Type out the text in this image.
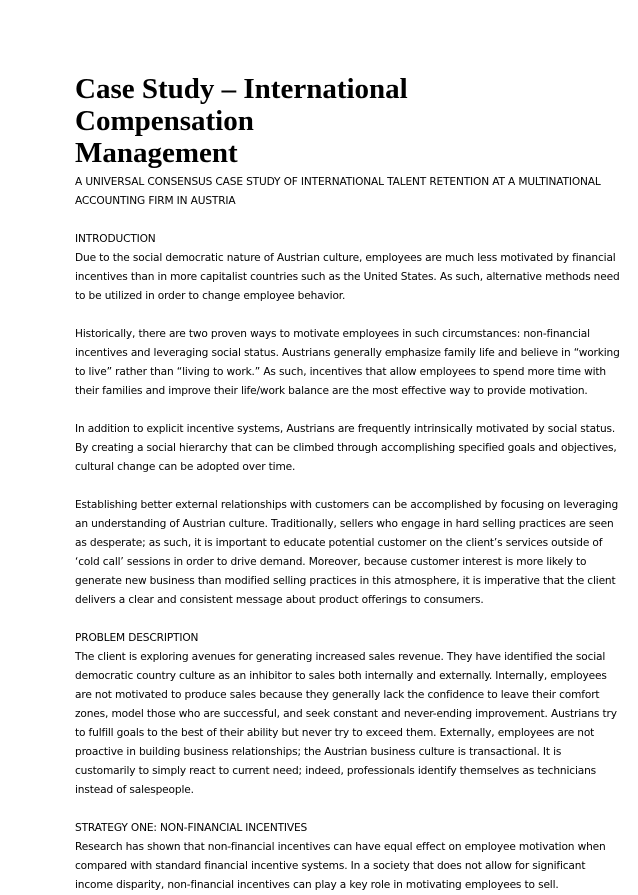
Case Study – International Compensation
Management
A UNIVERSAL CONSENSUS CASE STUDY OF INTERNATIONAL TALENT RETENTION AT A MULTINATIONAL
ACCOUNTING FIRM IN AUSTRIA
INTRODUCTION
Due to the social democratic nature of Austrian culture, employees are much less motivated by financial
incentives than in more capitalist countries such as the United States. As such, alternative methods need
to be utilized in order to change employee behavior.
Historically, there are two proven ways to motivate employees in such circumstances: non-financial
incentives and leveraging social status. Austrians generally emphasize family life and believe in “working
to live” rather than “living to work.” As such, incentives that allow employees to spend more time with
their families and improve their life/work balance are the most effective way to provide motivation.
In addition to explicit incentive systems, Austrians are frequently intrinsically motivated by social status.
By creating a social hierarchy that can be climbed through accomplishing specified goals and objectives,
cultural change can be adopted over time.
Establishing better external relationships with customers can be accomplished by focusing on leveraging
an understanding of Austrian culture. Traditionally, sellers who engage in hard selling practices are seen
as desperate; as such, it is important to educate potential customer on the client’s services outside of
‘cold call’ sessions in order to drive demand. Moreover, because customer interest is more likely to
generate new business than modified selling practices in this atmosphere, it is imperative that the client
delivers a clear and consistent message about product offerings to consumers.
PROBLEM DESCRIPTION
The client is exploring avenues for generating increased sales revenue. They have identified the social
democratic country culture as an inhibitor to sales both internally and externally. Internally, employees
are not motivated to produce sales because they generally lack the confidence to leave their comfort
zones, model those who are successful, and seek constant and never-ending improvement. Austrians try
to fulfill goals to the best of their ability but never try to exceed them. Externally, employees are not
proactive in building business relationships; the Austrian business culture is transactional. It is
customarily to simply react to current need; indeed, professionals identify themselves as technicians
instead of salespeople.
STRATEGY ONE: NON-FINANCIAL INCENTIVES
Research has shown that non-financial incentives can have equal effect on employee motivation when
compared with standard financial incentive systems. In a society that does not allow for significant
income disparity, non-financial incentives can play a key role in motivating employees to sell.
